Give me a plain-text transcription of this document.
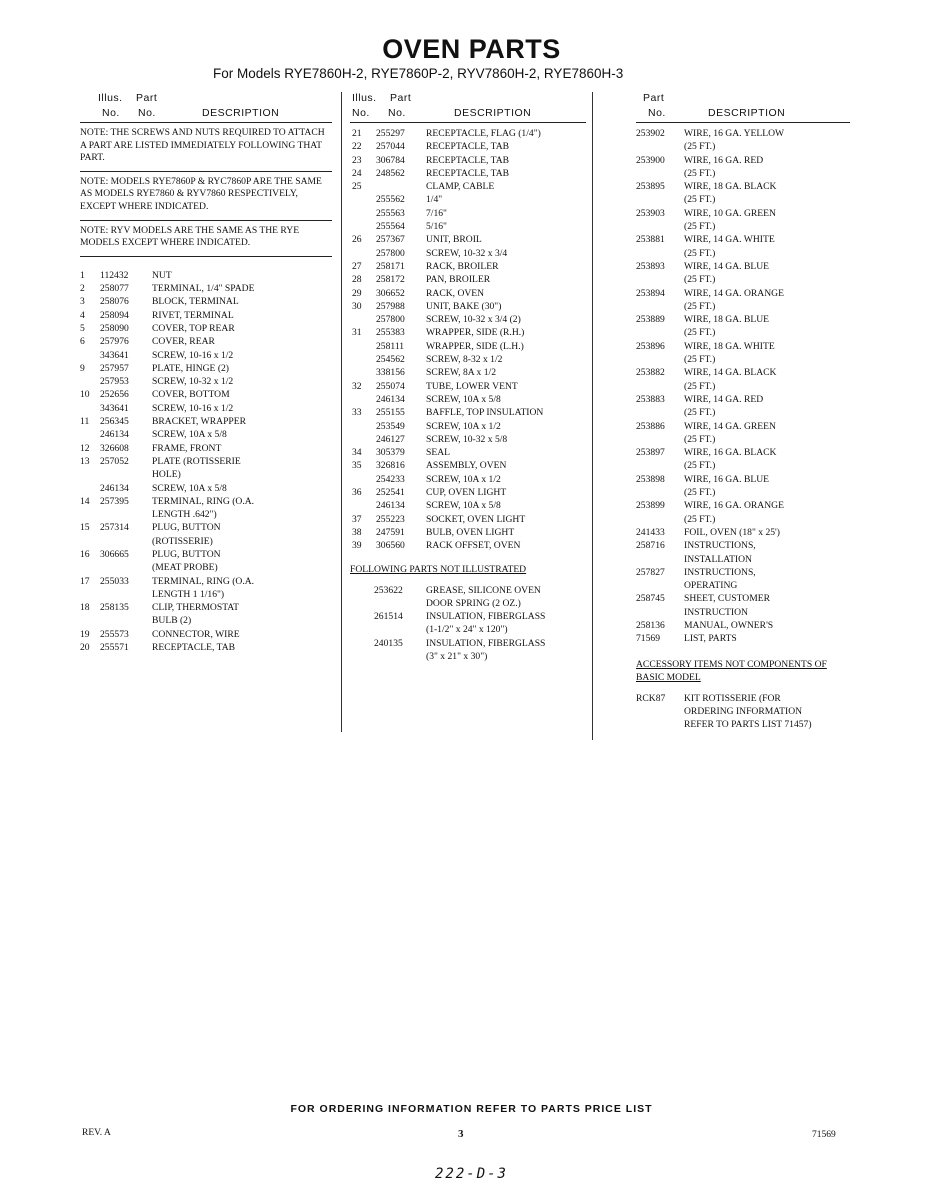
OVEN PARTS
For Models RYE7860H-2, RYE7860P-2, RYV7860H-2, RYE7860H-3
Illus. Part
No. No.	DESCRIPTION
NOTE: THE SCREWS AND NUTS REQUIRED TO ATTACH A PART ARE LISTED IMMEDIATELY FOLLOWING THAT PART.
NOTE: MODELS RYE7860P & RYC7860P ARE THE SAME AS MODELS RYE7860 & RYV7860 RESPECTIVELY, EXCEPT WHERE INDICATED.
NOTE: RYV MODELS ARE THE SAME AS THE RYE MODELS EXCEPT WHERE INDICATED.
1 112432 NUT
2 258077 TERMINAL, 1/4" SPADE
3 258076 BLOCK, TERMINAL
4 258094 RIVET, TERMINAL
5 258090 COVER, TOP REAR
6 257976 COVER, REAR
343641 SCREW, 10-16 x 1/2
9 257957 PLATE, HINGE (2)
257953 SCREW, 10-32 x 1/2
10 252656 COVER, BOTTOM
343641 SCREW, 10-16 x 1/2
11 256345 BRACKET, WRAPPER
246134 SCREW, 10A x 5/8
12 326608 FRAME, FRONT
13 257052 PLATE (ROTISSERIE
HOLE)
246134 SCREW, 10A x 5/8
14 257395 TERMINAL, RING (O.A.
LENGTH .642")
15 257314 PLUG, BUTTON
(ROTISSERIE)
16 306665 PLUG, BUTTON
(MEAT PROBE)
17 255033 TERMINAL, RING (O.A.
LENGTH 1 1/16")
18 258135 CLIP, THERMOSTAT
BULB (2)
19 255573 CONNECTOR, WIRE
20 255571 RECEPTACLE, TAB
Illus. Part
No. No.	DESCRIPTION
21 255297 RECEPTACLE, FLAG (1/4")
22 257044 RECEPTACLE, TAB
23 306784 RECEPTACLE, TAB
24 248562 RECEPTACLE, TAB
25	CLAMP, CABLE
255562 1/4"
255563 7/16"
255564 5/16"
26 257367 UNIT, BROIL
257800 SCREW, 10-32 x 3/4
27 258171 RACK, BROILER
28 258172 PAN, BROILER
29 306652 RACK, OVEN
30 257988 UNIT, BAKE (30")
257800 SCREW, 10-32 x 3/4 (2)
31 255383 WRAPPER, SIDE (R.H.)
258111 WRAPPER, SIDE (L.H.)
254562 SCREW, 8-32 x 1/2
338156 SCREW, 8A x 1/2
32 255074 TUBE, LOWER VENT
246134 SCREW, 10A x 5/8
33 255155 BAFFLE, TOP INSULATION
253549 SCREW, 10A x 1/2
246127 SCREW, 10-32 x 5/8
34 305379 SEAL
35 326816 ASSEMBLY, OVEN
254233 SCREW, 10A x 1/2
36 252541 CUP, OVEN LIGHT
246134 SCREW, 10A x 5/8
37 255223 SOCKET, OVEN LIGHT
38 247591 BULB, OVEN LIGHT
39 306560 RACK OFFSET, OVEN
FOLLOWING PARTS NOT ILLUSTRATED
253622 GREASE, SILICONE OVEN
DOOR SPRING (2 OZ.)
261514 INSULATION, FIBERGLASS
(1-1/2" x 24" x 120")
240135 INSULATION, FIBERGLASS
(3" x 21" x 30")
Part
No.	DESCRIPTION
253902 WIRE, 16 GA. YELLOW
(25 FT.)
253900 WIRE, 16 GA. RED
(25 FT.)
253895 WIRE, 18 GA. BLACK
(25 FT.)
253903 WIRE, 10 GA. GREEN
(25 FT.)
253881 WIRE, 14 GA. WHITE
(25 FT.)
253893 WIRE, 14 GA. BLUE
(25 FT.)
253894 WIRE, 14 GA. ORANGE
(25 FT.)
253889 WIRE, 18 GA. BLUE
(25 FT.)
253896 WIRE, 18 GA. WHITE
(25 FT.)
253882 WIRE, 14 GA. BLACK
(25 FT.)
253883 WIRE, 14 GA. RED
(25 FT.)
253886 WIRE, 14 GA. GREEN
(25 FT.)
253897 WIRE, 16 GA. BLACK
(25 FT.)
253898 WIRE, 16 GA. BLUE
(25 FT.)
253899 WIRE, 16 GA. ORANGE
(25 FT.)
241433 FOIL, OVEN (18" x 25')
258716 INSTRUCTIONS,
INSTALLATION
257827 INSTRUCTIONS,
OPERATING
258745 SHEET, CUSTOMER
INSTRUCTION
258136 MANUAL, OWNER'S
71569	LIST, PARTS
ACCESSORY ITEMS NOT COMPONENTS OF BASIC MODEL
RCK87 KIT ROTISSERIE (FOR
ORDERING INFORMATION
REFER TO PARTS LIST 71457)
FOR ORDERING INFORMATION REFER TO PARTS PRICE LIST
REV. A	3	71569
222-D-3
